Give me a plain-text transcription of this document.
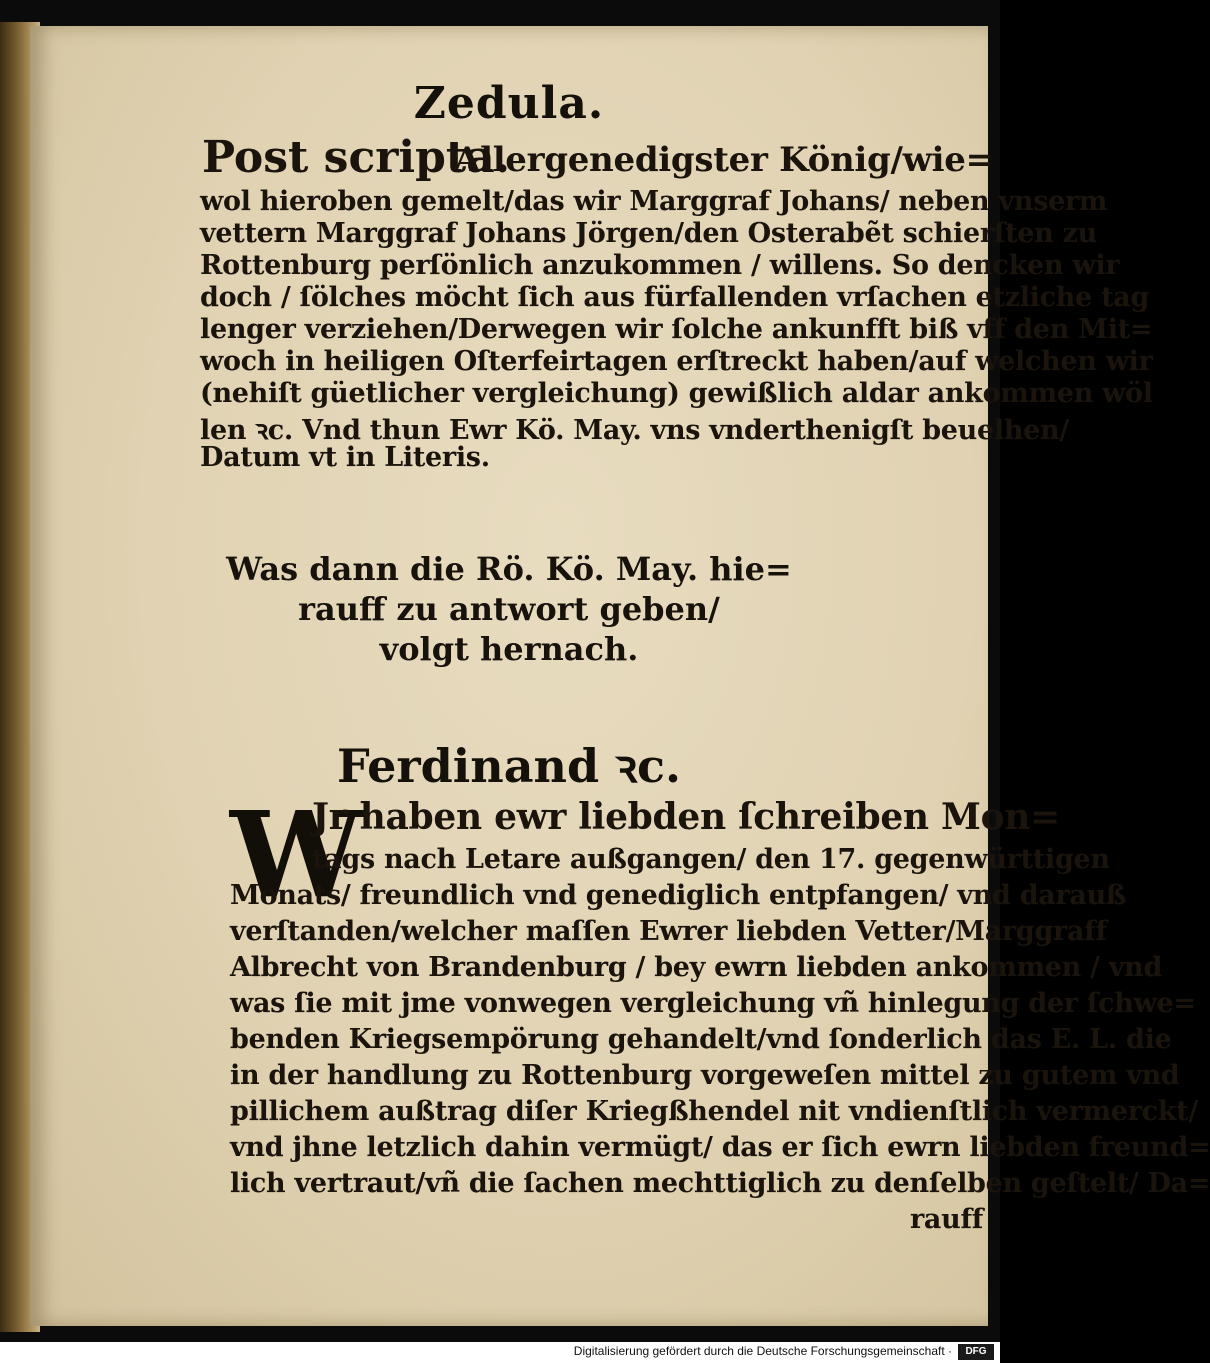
Zedula.
Post scripta.
Allergenedigster König/wie=
wol hieroben gemelt/das wir Marggraf Johans/ neben vnserm
vettern Marggraf Johans Jörgen/den Osterabẽt schierſten zu
Rottenburg perſönlich anzukommen / willens. So dencken wir
doch / ſölches möcht ſich aus fürfallenden vrſachen etzliche tag
lenger verziehen/Derwegen wir ſolche ankunfft biß vff den Mit=
woch in heiligen Oſterfeirtagen erſtreckt haben/auf welchen wir
(nehiſt güetlicher vergleichung) gewißlich aldar ankommen wöl
len ꝛc. Vnd thun Ewr Kö. May. vns vnderthenigſt beuelhen/
Datum vt in Literis.
Was dann die Rö. Kö. May. hie=
rauff zu antwort geben/
volgt hernach.
Ferdinand ꝛc.
W
Jr haben ewr liebden ſchreiben Mon=
tags nach Letare außgangen/ den 17. gegenwürttigen
Monats/ freundlich vnd genediglich entpfangen/ vnd darauß
verſtanden/welcher maſſen Ewrer liebden Vetter/Marggraff
Albrecht von Brandenburg / bey ewrn liebden ankommen / vnd
was ſie mit jme vonwegen vergleichung vñ hinlegung der ſchwe=
benden Kriegsempörung gehandelt/vnd ſonderlich das E. L. die
in der handlung zu Rottenburg vorgeweſen mittel zu gutem vnd
pillichem außtrag diſer Kriegßhendel nit vndienſtlich vermerckt/
vnd jhne letzlich dahin vermügt/ das er ſich ewrn liebden freund=
lich vertraut/vñ die ſachen mechttiglich zu denſelben geſtelt/ Da=
rauff
Digitalisierung gefördert durch die Deutsche Forschungsgemeinschaft ·	DFG
